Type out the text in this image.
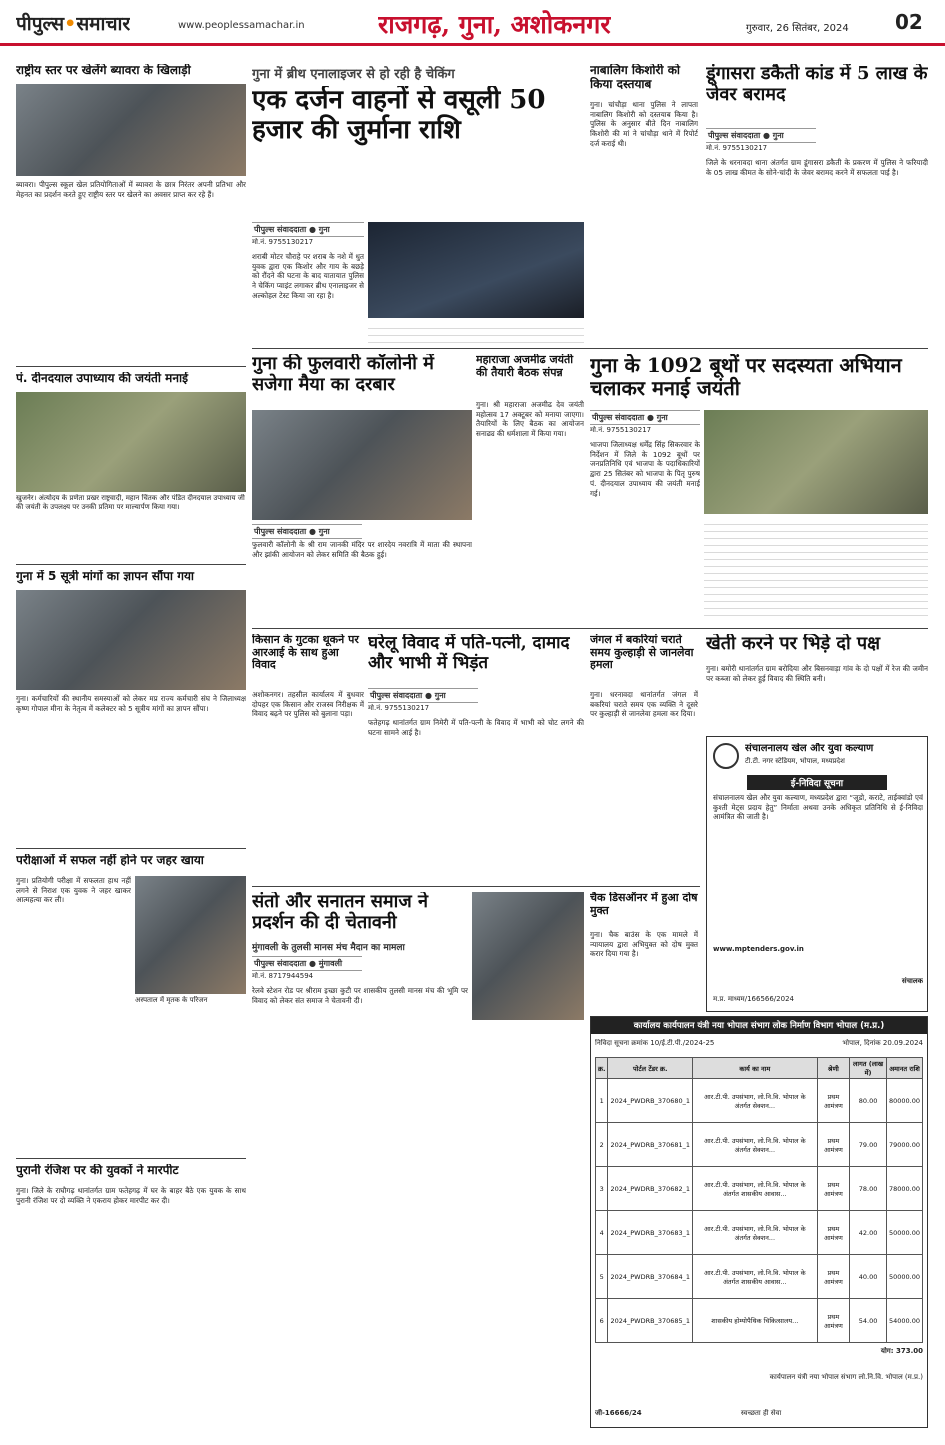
पीपुल्स•समाचार	www.peoplessamachar.in	राजगढ़, गुना, अशोकनगर	गुरुवार, 26 सितंबर, 2024 02
राष्ट्रीय स्तर पर खेलेंगे ब्यावरा के खिलाड़ी
ब्यावरा। पीपुल्स स्कूल खेल प्रतियोगिताओं में ब्यावरा के छात्र निरंतर अपनी प्रतिभा और मेहनत का प्रदर्शन करते हुए राष्ट्रीय स्तर पर खेलने का अवसर प्राप्त कर रहे हैं।
पं. दीनदयाल उपाध्याय की जयंती मनाई
खुजनेर। अंत्योदय के प्रणेता प्रखर राष्ट्रवादी, महान चिंतक और पंडित दीनदयाल उपाध्याय जी की जयंती के उपलक्ष्य पर उनकी प्रतिमा पर माल्यार्पण किया गया।
गुना में 5 सूत्री मांगों का ज्ञापन सौंपा गया
गुना। कर्मचारियों की स्थानीय समस्याओं को लेकर मप्र राज्य कर्मचारी संघ ने जिलाध्यक्ष कृष्ण गोपाल मीना के नेतृत्व में कलेक्टर को 5 सूत्रीय मांगों का ज्ञापन सौंपा।
परीक्षाओं में सफल नहीं होने पर जहर खाया
गुना। प्रतियोगी परीक्षा में सफलता हाथ नहीं लगने से निराश एक युवक ने जहर खाकर आत्महत्या कर ली।
अस्पताल में मृतक के परिजन
पुरानी रंजिश पर की युवकों ने मारपीट
गुना। जिले के राघौगढ़ थानांतर्गत ग्राम फतेहगढ़ में घर के बाहर बैठे एक युवक के साथ पुरानी रंजिश पर दो व्यक्ति ने एकराय होकर मारपीट कर दी।
गुना में ब्रीथ एनालाइजर से हो रही है चेकिंग
एक दर्जन वाहनों से वसूली 50 हजार की जुर्माना राशि
पीपुल्स संवाददाता ● गुना
मो.नं. 9755130217
शराबी मोटर चौराहे पर शराब के नशे में धुत युवक द्वारा एक किशोर और गाय के बछड़े को रौंदने की घटना के बाद यातायात पुलिस ने चेकिंग प्वाइंट लगाकर ब्रीथ एनालाइजर से अल्कोहल टेस्ट किया जा रहा है।
नाबालिग किशोरी को किया दस्तयाब
गुना। चांचौड़ा थाना पुलिस ने लापता नाबालिग किशोरी को दस्तयाब किया है। पुलिस के अनुसार बीते दिन नाबालिग किशोरी की मां ने चांचौड़ा थाने में रिपोर्ट दर्ज कराई थी।
डूंगासरा डकैती कांड में 5 लाख के जेवर बरामद
पीपुल्स संवाददाता ● गुना
मो.नं. 9755130217
जिले के धरनावदा थाना अंतर्गत ग्राम डूंगासरा डकैती के प्रकरण में पुलिस ने फरियादी के 05 लाख कीमत के सोने-चांदी के जेवर बरामद करने में सफलता पाई है।
गुना की फुलवारी कॉलोनी में सजेगा मैया का दरबार
पीपुल्स संवाददाता ● गुना
फुलवारी कॉलोनी के श्री राम जानकी मंदिर पर शारदेय नवरात्रि में माता की स्थापना और झांकी आयोजन को लेकर समिति की बैठक हुई।
महाराजा अजमीढ जयंती की तैयारी बैठक संपन्न
गुना। श्री महाराजा अजमीढ देव जयंती महोत्सव 17 अक्टूबर को मनाया जाएगा। तैयारियों के लिए बैठक का आयोजन सनाढ्य की धर्मशाला में किया गया।
गुना के 1092 बूथों पर सदस्यता अभियान चलाकर मनाई जयंती
पीपुल्स संवाददाता ● गुना
मो.नं. 9755130217
भाजपा जिलाध्यक्ष धर्मेंद्र सिंह सिकरवार के निर्देशन में जिले के 1092 बूथों पर जनप्रतिनिधि एवं भाजपा के पदाधिकारियों द्वारा 25 सितंबर को भाजपा के पितृ पुरुष पं. दीनदयाल उपाध्याय की जयंती मनाई गई।
किसान के गुटका थूकने पर आरआई के साथ हुआ विवाद
अशोकनगर। तहसील कार्यालय में बुधवार दोपहर एक किसान और राजस्व निरीक्षक में विवाद बढ़ने पर पुलिस को बुलाना पड़ा।
घरेलू विवाद में पति-पत्नी, दामाद और भाभी में भिड़ंत
पीपुल्स संवाददाता ● गुना
मो.नं. 9755130217
फतेहगढ़ थानांतर्गत ग्राम निमेरी में पति-पत्नी के विवाद में भाभी को चोट लगने की घटना सामने आई है।
जंगल में बकरियां चराते समय कुल्हाड़ी से जानलेवा हमला
गुना। धरनावदा थानांतर्गत जंगल में बकरियां चराते समय एक व्यक्ति ने दूसरे पर कुल्हाड़ी से जानलेवा हमला कर दिया।
खेती करने पर भिड़े दो पक्ष
गुना। बमोरी थानांतर्गत ग्राम बरोदिया और बिसनवाड़ा गांव के दो पक्षों में रेज की जमीन पर कब्जा को लेकर हुई विवाद की स्थिति बनी।
संचालनालय खेल और युवा कल्याण
टी.टी. नगर स्टेडियम, भोपाल, मध्यप्रदेश
ई-निविदा सूचना
संचालनालय खेल और युवा कल्याण, मध्यप्रदेश द्वारा “जूडो, कराटे, ताईक्वांडो एवं कुश्ती मेट्स प्रदाय हेतु” निर्माता अथवा उनके अधिकृत प्रतिनिधि से ई-निविदा आमंत्रित की जाती है।
www.mptenders.gov.in
संचालक
म.प्र. माध्यम/166566/2024
संतो और सनातन समाज ने प्रदर्शन की दी चेतावनी
मुंगावली के तुलसी मानस मंच मैदान का मामला
पीपुल्स संवाददाता ● मुंगावली
मो.नं. 8717944594
रेलवे स्टेशन रोड पर श्रीराम इच्छा कुटी पर शासकीय तुलसी मानस मंच की भूमि पर विवाद को लेकर संत समाज ने चेतावनी दी।
चैक डिसऑनर में हुआ दोष मुक्त
गुना। चैक बाउंस के एक मामले में न्यायालय द्वारा अभियुक्त को दोष मुक्त करार दिया गया है।
कार्यालय कार्यपालन यंत्री नया भोपाल संभाग लोक निर्माण विभाग भोपाल (म.प्र.)
निविदा सूचना क्रमांक 10/ई.टी.पी./2024-25	भोपाल, दिनांक 20.09.2024
क्र.	पोर्टल टेंडर क्र.	कार्य का नाम	श्रेणी	लागत (लाख में)	अमानत राशि
1	2024_PWDRB_370680_1	आर.टी.पी. उपसंभाग, लो.नि.वि. भोपाल के अंतर्गत सेक्शन...	प्रथम आमंत्रण	80.00	80000.00
2	2024_PWDRB_370681_1	आर.टी.पी. उपसंभाग, लो.नि.वि. भोपाल के अंतर्गत सेक्शन...	प्रथम आमंत्रण	79.00	79000.00
3	2024_PWDRB_370682_1	आर.टी.पी. उपसंभाग, लो.नि.वि. भोपाल के अंतर्गत शासकीय आवास...	प्रथम आमंत्रण	78.00	78000.00
4	2024_PWDRB_370683_1	आर.टी.पी. उपसंभाग, लो.नि.वि. भोपाल के अंतर्गत सेक्शन...	प्रथम आमंत्रण	42.00	50000.00
5	2024_PWDRB_370684_1	आर.टी.पी. उपसंभाग, लो.नि.वि. भोपाल के अंतर्गत शासकीय आवास...	प्रथम आमंत्रण	40.00	50000.00
6	2024_PWDRB_370685_1	शासकीय होम्योपैथिक चिकित्सालय...	प्रथम आमंत्रण	54.00	54000.00
योग: 373.00
कार्यपालन यंत्री नया भोपाल संभाग लो.नि.वि. भोपाल (म.प्र.)
जी-16666/24	स्वच्छता ही सेवा
